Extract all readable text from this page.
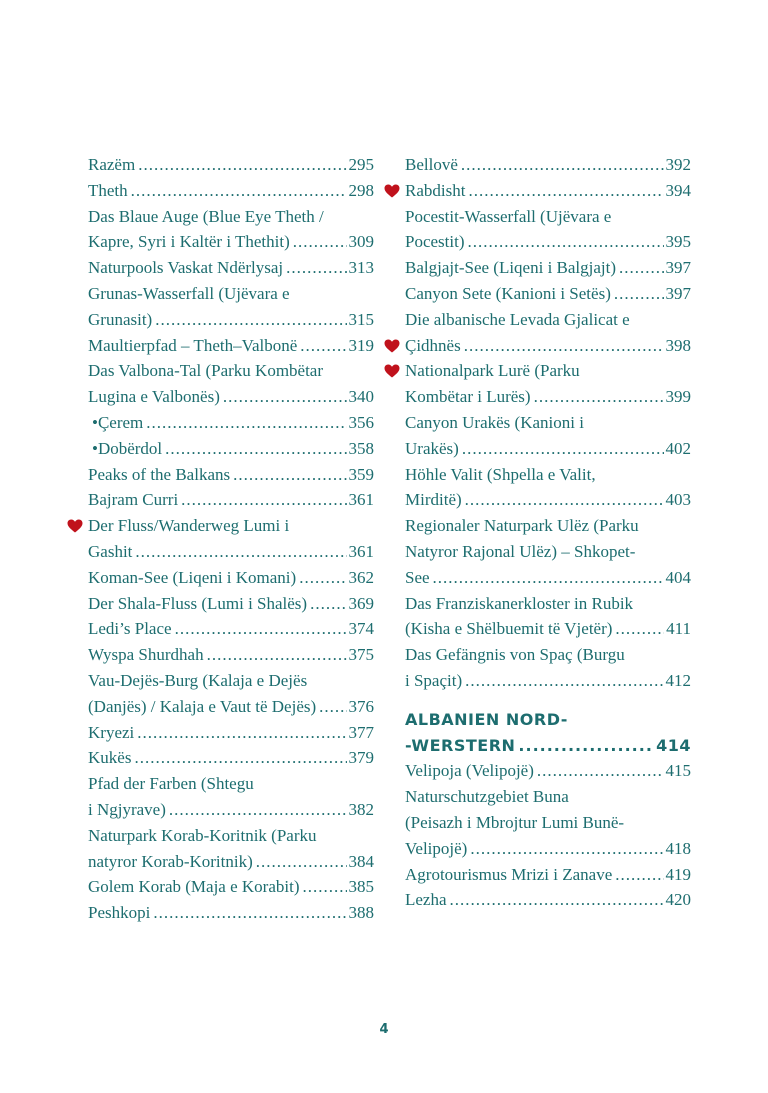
Razëm .....	295
Theth .....	298
Das Blaue Auge (Blue Eye Theth /
Kapre, Syri i Kaltër i Thethit) .....	309
Naturpools Vaskat Ndërlysaj .....	313
Grunas-Wasserfall (Ujëvara e
Grunasit) .....	315
Maultierpfad – Theth–Valbonë .....	319
Das Valbona-Tal (Parku Kombëtar
Lugina e Valbonës) .....	340
• Çerem .....	356
• Dobërdol .....	358
Peaks of the Balkans .....	359
Bajram Curri .....	361
Der Fluss/Wanderweg Lumi i
Gashit .....	361
Koman-See (Liqeni i Komani) .....	362
Der Shala-Fluss (Lumi i Shalës) ..... 369
Ledi’s Place .....	374
Wyspa Shurdhah .....	375
Vau-Dejës-Burg (Kalaja e Dejës
(Danjës) / Kalaja e Vaut të Dejës) ..... 376
Kryezi .....	377
Kukës .....	379
Pfad der Farben (Shtegu
i Ngjyrave) .....	382
Naturpark Korab-Koritnik (Parku
natyror Korab-Koritnik) .....	384
Golem Korab (Maja e Korabit) .....	385
Peshkopi .....	388
Bellovë .....	392
Rabdisht .....	394
Pocestit-Wasserfall (Ujëvara e
Pocestit) .....	395
Balgjajt-See (Liqeni i Balgjajt) .....	397
Canyon Sete (Kanioni i Setës) .....	397
Die albanische Levada Gjalicat e
Çidhnës .....	398
Nationalpark Lurë (Parku
Kombëtar i Lurës) .....	399
Canyon Urakës (Kanioni i
Urakës) .....	402
Höhle Valit (Shpella e Valit,
Mirditë) .....	403
Regionaler Naturpark Ulëz (Parku
Natyror Rajonal Ulëz) – Shkopet-
See .....	404
Das Franziskanerkloster in Rubik
(Kisha e Shëlbuemit të Vjetër) .....	411
Das Gefängnis von Spaç (Burgu
i Spaçit) .....	412
ALBANIEN NORD-
-WERSTERN .....	414
Velipoja (Velipojë) .....	415
Naturschutzgebiet Buna
(Peisazh i Mbrojtur Lumi Bunë-
Velipojë) .....	418
Agrotourismus Mrizi i Zanave .....	419
Lezha .....	420
4
